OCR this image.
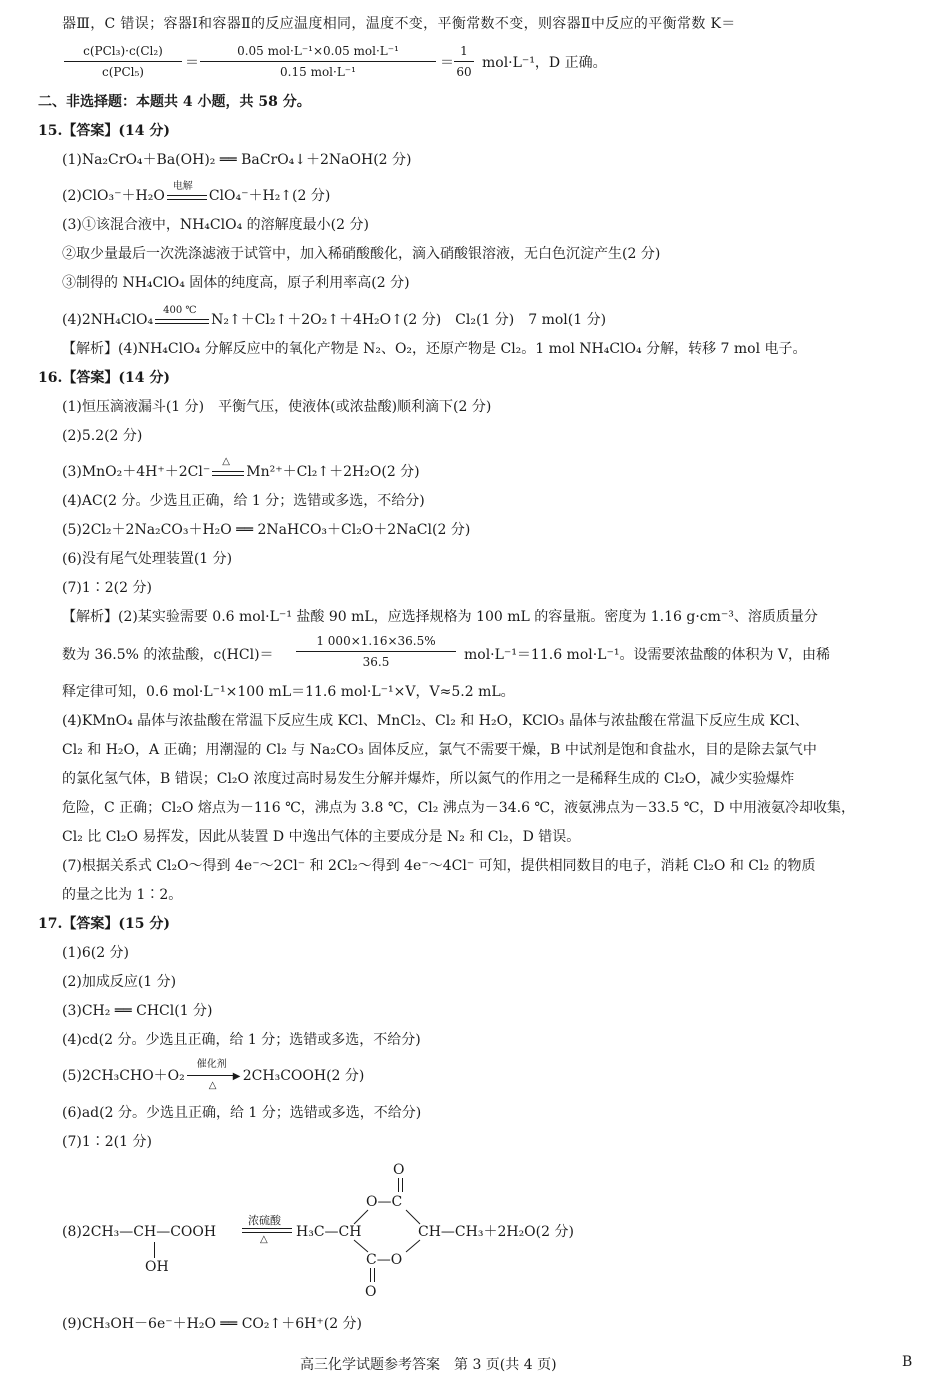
器Ⅲ，C 错误；容器Ⅰ和容器Ⅱ的反应温度相同，温度不变，平衡常数不变，则容器Ⅱ中反应的平衡常数 K＝
c(PCl₃)·c(Cl₂)
c(PCl₅)
＝
0.05 mol·L⁻¹×0.05 mol·L⁻¹
0.15 mol·L⁻¹
＝
1
60
mol·L⁻¹，D 正确。
二、非选择题：本题共 4 小题，共 58 分。
15.【答案】(14 分)
(1)Na₂CrO₄＋Ba(OH)₂ ══ BaCrO₄↓＋2NaOH(2 分)
(2)ClO₃⁻＋H₂O
电解
ClO₄⁻＋H₂↑(2 分)
(3)①该混合液中，NH₄ClO₄ 的溶解度最小(2 分)
②取少量最后一次洗涤滤液于试管中，加入稀硝酸酸化，滴入硝酸银溶液，无白色沉淀产生(2 分)
③制得的 NH₄ClO₄ 固体的纯度高，原子利用率高(2 分)
(4)2NH₄ClO₄
400 ℃
N₂↑＋Cl₂↑＋2O₂↑＋4H₂O↑(2 分)　Cl₂(1 分)　7 mol(1 分)
【解析】(4)NH₄ClO₄ 分解反应中的氧化产物是 N₂、O₂，还原产物是 Cl₂。1 mol NH₄ClO₄ 分解，转移 7 mol 电子。
16.【答案】(14 分)
(1)恒压滴液漏斗(1 分)　平衡气压，使液体(或浓盐酸)顺利滴下(2 分)
(2)5.2(2 分)
(3)MnO₂＋4H⁺＋2Cl⁻
△
Mn²⁺＋Cl₂↑＋2H₂O(2 分)
(4)AC(2 分。少选且正确，给 1 分；选错或多选，不给分)
(5)2Cl₂＋2Na₂CO₃＋H₂O ══ 2NaHCO₃＋Cl₂O＋2NaCl(2 分)
(6)没有尾气处理装置(1 分)
(7)1∶2(2 分)
【解析】(2)某实验需要 0.6 mol·L⁻¹ 盐酸 90 mL，应选择规格为 100 mL 的容量瓶。密度为 1.16 g·cm⁻³、溶质质量分
数为 36.5% 的浓盐酸，c(HCl)＝
1 000×1.16×36.5%
36.5	mol·L⁻¹＝11.6 mol·L⁻¹。设需要浓盐酸的体积为 V，由稀
释定律可知，0.6 mol·L⁻¹×100 mL＝11.6 mol·L⁻¹×V，V≈5.2 mL。
(4)KMnO₄ 晶体与浓盐酸在常温下反应生成 KCl、MnCl₂、Cl₂ 和 H₂O，KClO₃ 晶体与浓盐酸在常温下反应生成 KCl、
Cl₂ 和 H₂O，A 正确；用潮湿的 Cl₂ 与 Na₂CO₃ 固体反应，氯气不需要干燥，B 中试剂是饱和食盐水，目的是除去氯气中
的氯化氢气体，B 错误；Cl₂O 浓度过高时易发生分解并爆炸，所以氮气的作用之一是稀释生成的 Cl₂O，减少实验爆炸
危险，C 正确；Cl₂O 熔点为－116 ℃，沸点为 3.8 ℃，Cl₂ 沸点为－34.6 ℃，液氨沸点为－33.5 ℃，D 中用液氨冷却收集，
Cl₂ 比 Cl₂O 易挥发，因此从装置 D 中逸出气体的主要成分是 N₂ 和 Cl₂，D 错误。
(7)根据关系式 Cl₂O～得到 4e⁻～2Cl⁻ 和 2Cl₂～得到 4e⁻～4Cl⁻ 可知，提供相同数目的电子，消耗 Cl₂O 和 Cl₂ 的物质
的量之比为 1∶2。
17.【答案】(15 分)
(1)6(2 分)
(2)加成反应(1 分)
(3)CH₂ ══ CHCl(1 分)
(4)cd(2 分。少选且正确，给 1 分；选错或多选，不给分)
(5)2CH₃CHO＋O₂
催化剂
▶
△
2CH₃COOH(2 分)
(6)ad(2 分。少选且正确，给 1 分；选错或多选，不给分)
(7)1∶2(1 分)
(8)2CH₃—CH—COOH
OH
浓硫酸
△ H₃C—CH
O
O—C
C—O
O
CH—CH₃＋2H₂O(2 分)
(9)CH₃OH－6e⁻＋H₂O ══ CO₂↑＋6H⁺(2 分)
高三化学试题参考答案　第 3 页(共 4 页)	B
